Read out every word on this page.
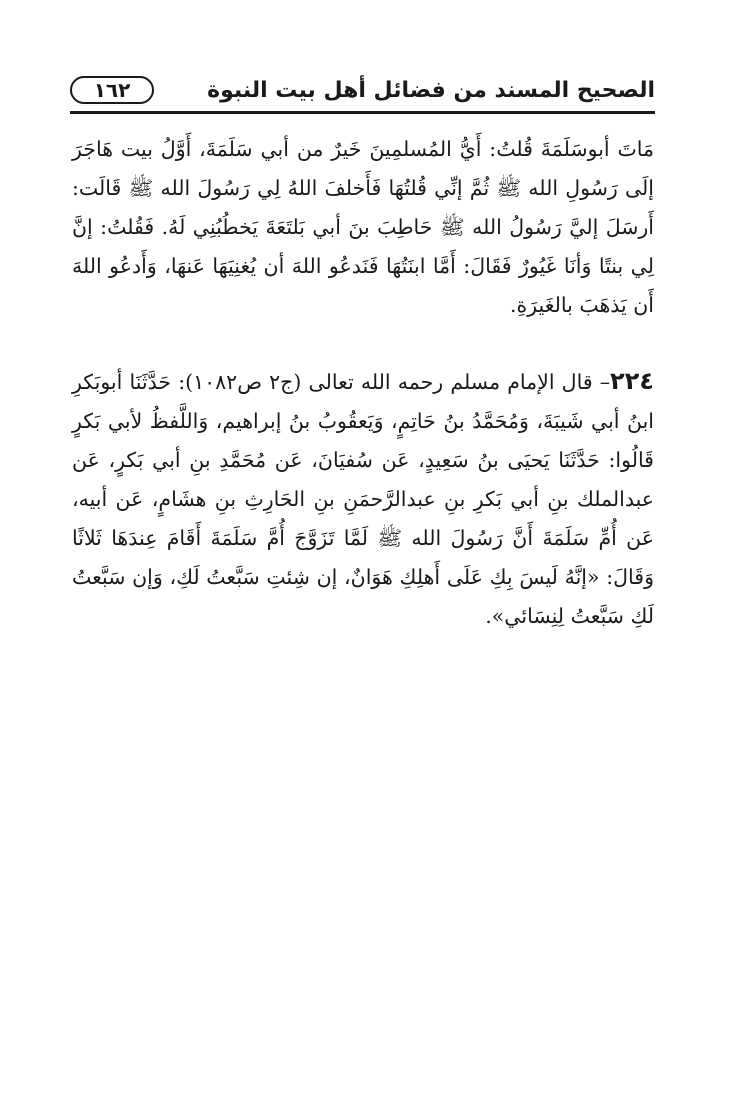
الصحيح المسند من فضائل أهل بيت النبوة
١٦٢
مَاتَ أبوسَلَمَةَ قُلتُ: أَيُّ المُسلمِينَ خَيرٌ من أبي سَلَمَةَ، أَوَّلُ بيت هَاجَرَ إلَى رَسُولِ الله ﷺ ثُمَّ إنِّي قُلتُهَا فَأَخلفَ اللهُ لِي رَسُولَ الله ﷺ قَالَت: أَرسَلَ إليَّ رَسُولُ الله ﷺ حَاطِبَ بنَ أبي بَلتَعَةَ يَخطُبُنِي لَهُ. فَقُلتُ: إنَّ لِي بنتًا وَأنَا غَيُورٌ فَقَالَ: أَمَّا ابنَتُهَا فَنَدعُو اللهَ أن يُغنِيَهَا عَنهَا، وَأَدعُو اللهَ أَن يَذهَبَ بالغَيرَةِ.
٢٢٤– قال الإمام مسلم رحمه الله تعالى (ج٢ ص١٠٨٢): حَدَّثَنَا أبوبَكرِ ابنُ أبي شَيبَةَ، وَمُحَمَّدُ بنُ حَاتِمٍ، وَيَعقُوبُ بنُ إبراهيم، وَاللَّفظُ لأبي بَكرٍ قَالُوا: حَدَّثَنَا يَحيَى بنُ سَعِيدٍ، عَن سُفيَانَ، عَن مُحَمَّدِ بنِ أبي بَكرٍ، عَن عبدالملك بنِ أبي بَكرِ بنِ عبدالرَّحمَنِ بنِ الحَارِثِ بنِ هشَامٍ، عَن أبيه، عَن أُمِّ سَلَمَةَ أَنَّ رَسُولَ الله ﷺ لَمَّا تَزَوَّجَ أُمَّ سَلَمَةَ أَقَامَ عِندَهَا ثَلاثًا وَقَالَ: «إنَّهُ لَيسَ بِكِ عَلَى أَهلِكِ هَوَانٌ، إن شِئتِ سَبَّعتُ لَكِ، وَإن سَبَّعتُ لَكِ سَبَّعتُ لِنِسَائي».
